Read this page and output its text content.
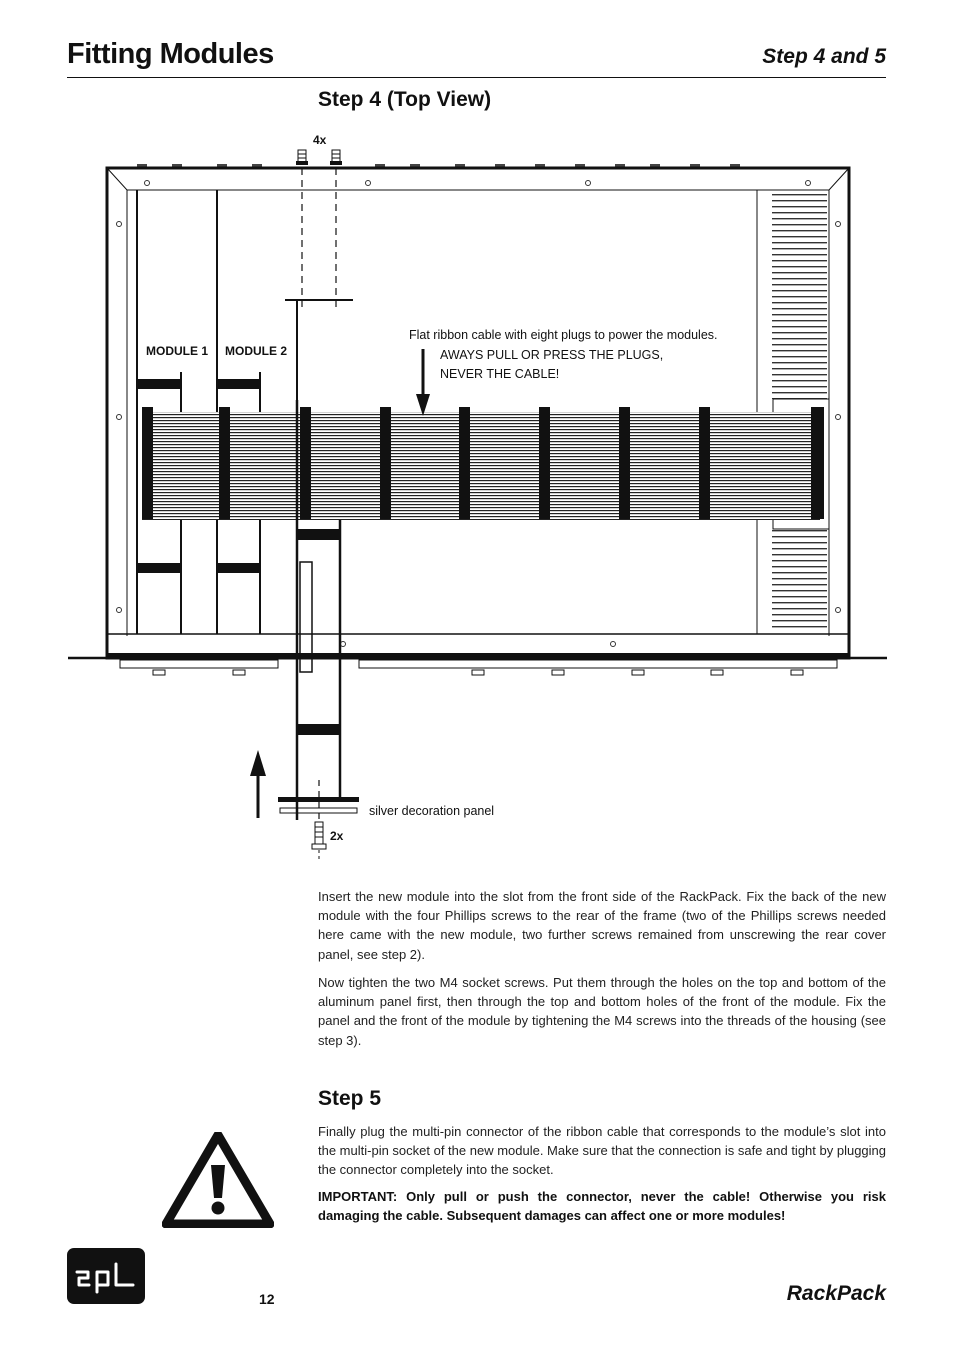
Fitting Modules	Step 4 and 5
Step 4 (Top View)
4x
MODULE 1 MODULE 2
Flat ribbon cable with eight plugs to power the modules.
AWAYS PULL OR PRESS THE PLUGS,
NEVER THE CABLE!
silver decoration panel
2x

Insert the new module into the slot from the front side of the RackPack. Fix the back of the new module with the four Phillips screws to the rear of the frame (two of the Phillips screws needed here came with the new module, two further screws remained from unscrewing the rear cover panel, see step 2).

Now tighten the two M4 socket screws. Put them through the holes on the top and bottom of the aluminum panel first, then through the top and bottom holes of the front of the module. Fix the panel and the front of the module by tightening the M4 screws into the threads of the housing (see step 3).

Step 5

Finally plug the multi-pin connector of the ribbon cable that corresponds to the module’s slot into the multi-pin socket of the new module. Make sure that the connection is safe and tight by plugging the connector completely into the socket.

IMPORTANT: Only pull or push the connector, never the cable! Otherwise you risk damaging the cable. Subsequent damages can affect one or more modules!

12	RackPack
